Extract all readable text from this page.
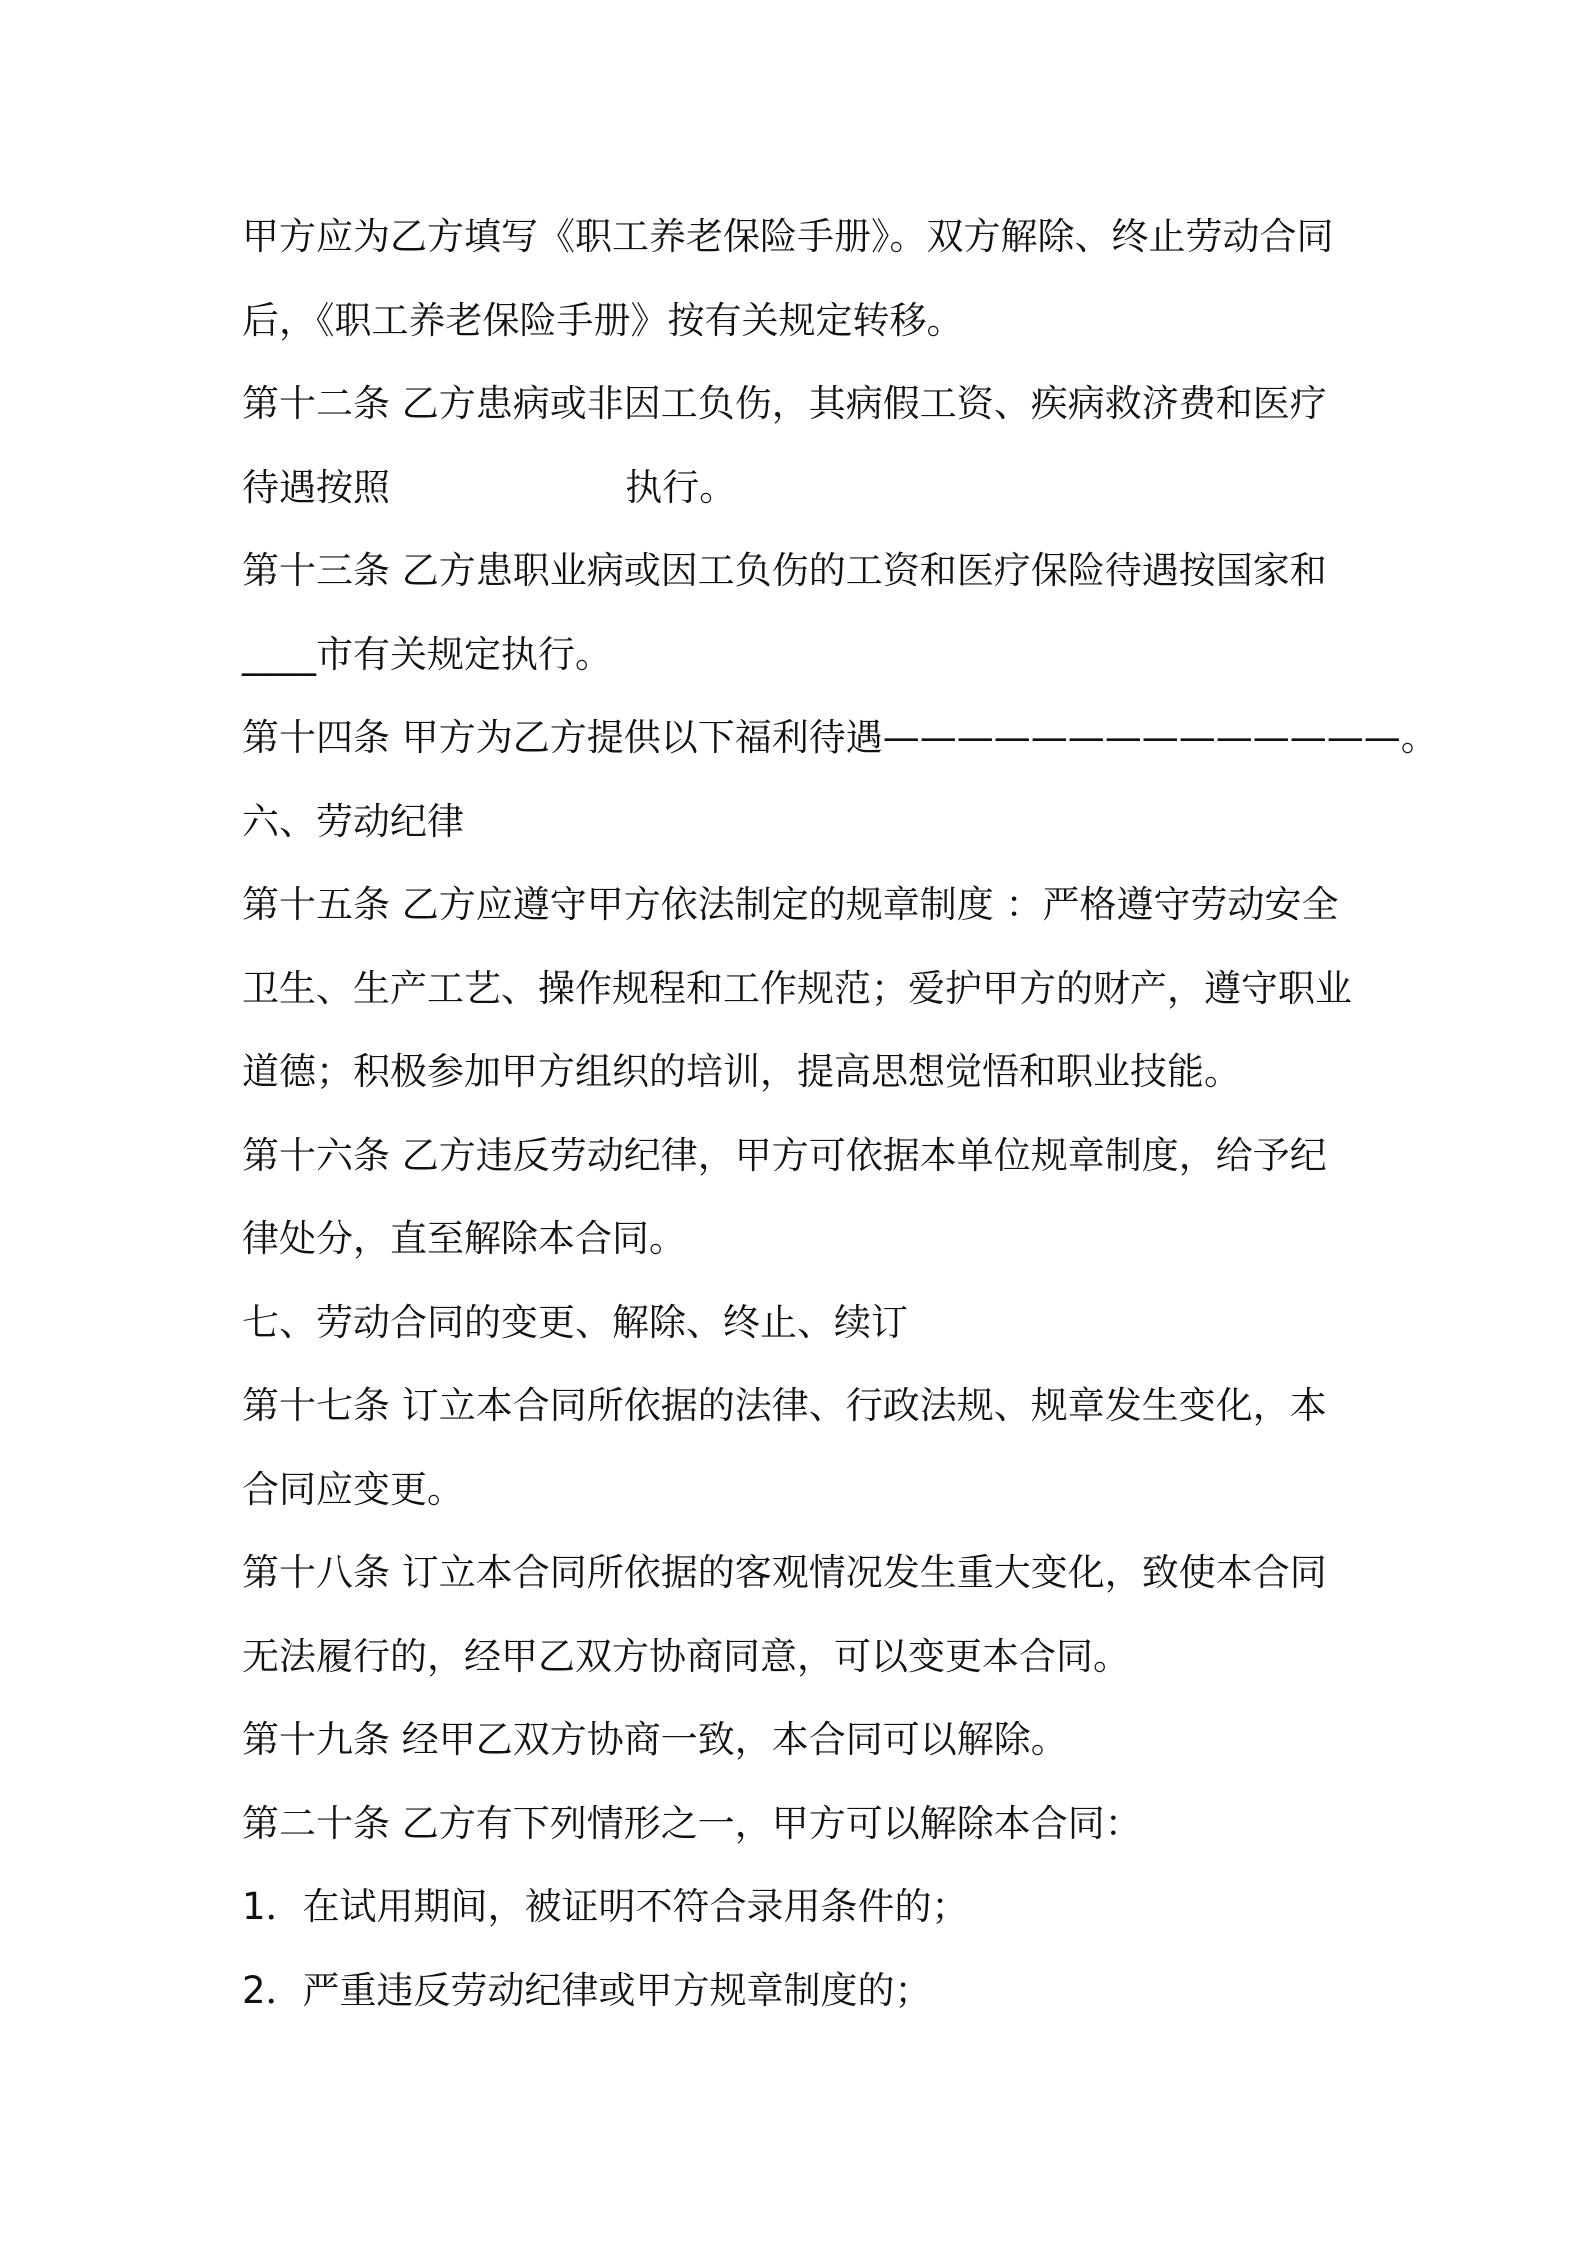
甲方应为乙方填写《职工养老保险手册》。双方解除、终止劳动合同
后，《职工养老保险手册》按有关规定转移。
第十二条 乙方患病或非因工负伤，其病假工资、疾病救济费和医疗
待遇按照                    执行。
第十三条 乙方患职业病或因工负伤的工资和医疗保险待遇按国家和
____市有关规定执行。
第十四条 甲方为乙方提供以下福利待遇——————————————。
六、劳动纪律
第十五条 乙方应遵守甲方依法制定的规章制度 ：严格遵守劳动安全
卫生、生产工艺、操作规程和工作规范；爱护甲方的财产，遵守职业
道德；积极参加甲方组织的培训，提高思想觉悟和职业技能。
第十六条 乙方违反劳动纪律，甲方可依据本单位规章制度，给予纪
律处分，直至解除本合同。
七、劳动合同的变更、解除、终止、续订
第十七条 订立本合同所依据的法律、行政法规、规章发生变化，本
合同应变更。
第十八条 订立本合同所依据的客观情况发生重大变化，致使本合同
无法履行的，经甲乙双方协商同意，可以变更本合同。
第十九条 经甲乙双方协商一致，本合同可以解除。
第二十条 乙方有下列情形之一，甲方可以解除本合同：
1．在试用期间，被证明不符合录用条件的；
2．严重违反劳动纪律或甲方规章制度的；
